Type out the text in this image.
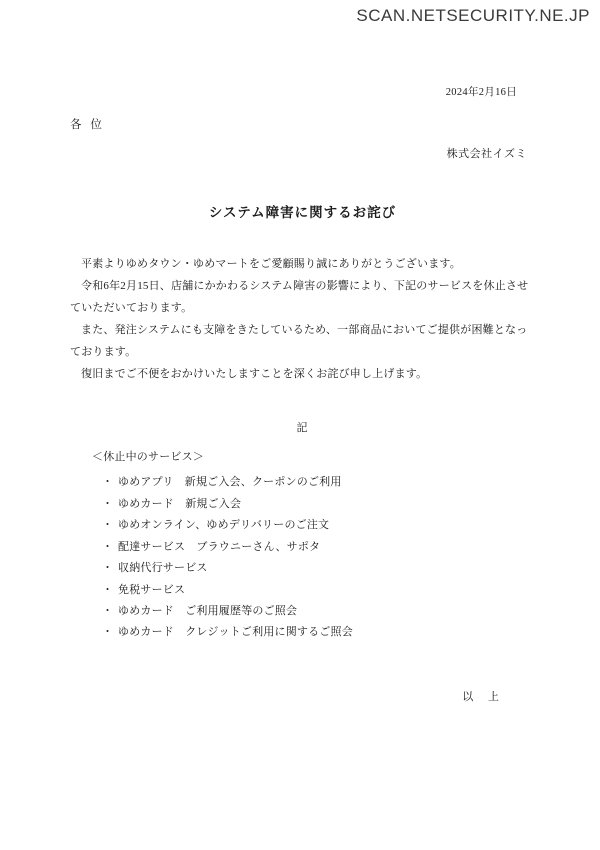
SCAN.NETSECURITY.NE.JP

2024年2月16日

各 位

株式会社イズミ

システム障害に関するお詫び

平素よりゆめタウン・ゆめマートをご愛顧賜り誠にありがとうございます。

令和6年2月15日、店舗にかかわるシステム障害の影響により、下記のサービスを休止させていただいております。

また、発注システムにも支障をきたしているため、一部商品においてご提供が困難となっております。

復旧までご不便をおかけいたしますことを深くお詫び申し上げます。

記

＜休止中のサービス＞

・ ゆめアプリ　新規ご入会、クーポンのご利用
・ ゆめカード　新規ご入会
・ ゆめオンライン、ゆめデリバリーのご注文
・ 配達サービス　ブラウニーさん、サポタ
・ 収納代行サービス
・ 免税サービス
・ ゆめカード　ご利用履歴等のご照会
・ ゆめカード　クレジットご利用に関するご照会

以 上
